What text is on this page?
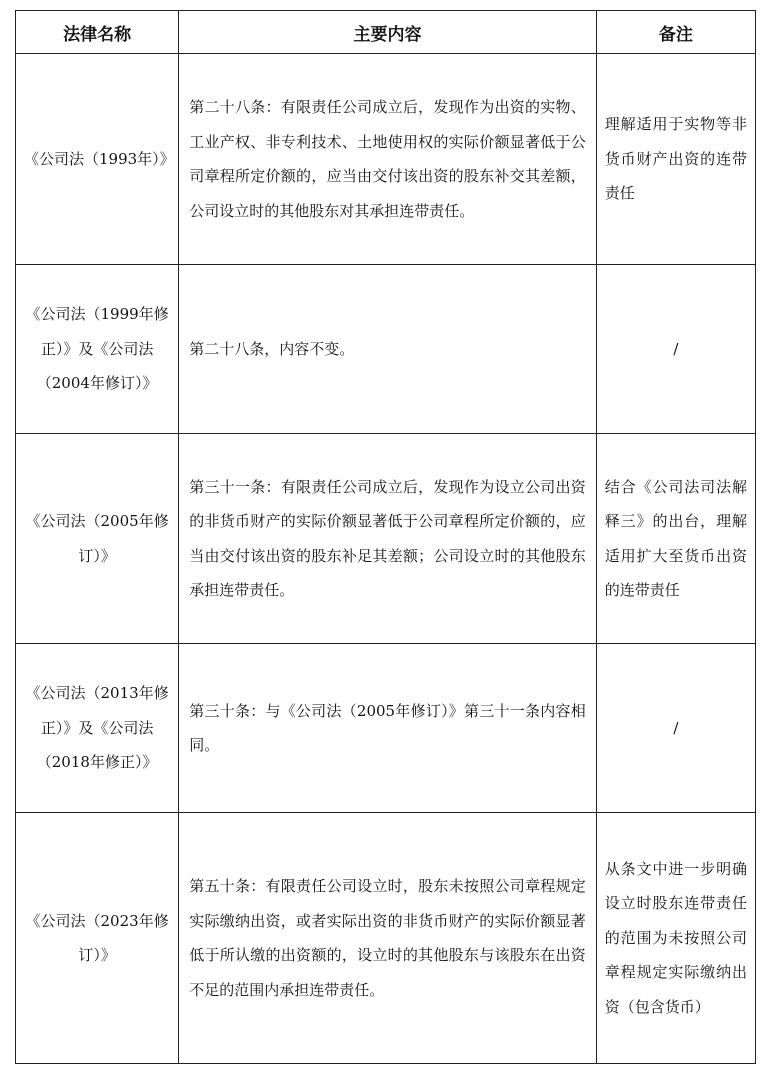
法律名称	主要内容	备注
《公司法（1993年）》	第二十八条：有限责任公司成立后，发现作为出资的实物、工业产权、非专利技术、土地使用权的实际价额显著低于公司章程所定价额的，应当由交付该出资的股东补交其差额，公司设立时的其他股东对其承担连带责任。	理解适用于实物等非货币财产出资的连带责任
《公司法（1999年修正）》及《公司法（2004年修订）》	第二十八条，内容不变。	/
《公司法（2005年修订）》	第三十一条：有限责任公司成立后，发现作为设立公司出资的非货币财产的实际价额显著低于公司章程所定价额的，应当由交付该出资的股东补足其差额；公司设立时的其他股东承担连带责任。	结合《公司法司法解释三》的出台，理解适用扩大至货币出资的连带责任
《公司法（2013年修正）》及《公司法（2018年修正）》	第三十条：与《公司法（2005年修订）》第三十一条内容相同。	/
《公司法（2023年修订）》	第五十条：有限责任公司设立时，股东未按照公司章程规定实际缴纳出资，或者实际出资的非货币财产的实际价额显著低于所认缴的出资额的，设立时的其他股东与该股东在出资不足的范围内承担连带责任。	从条文中进一步明确设立时股东连带责任的范围为未按照公司章程规定实际缴纳出资（包含货币）
